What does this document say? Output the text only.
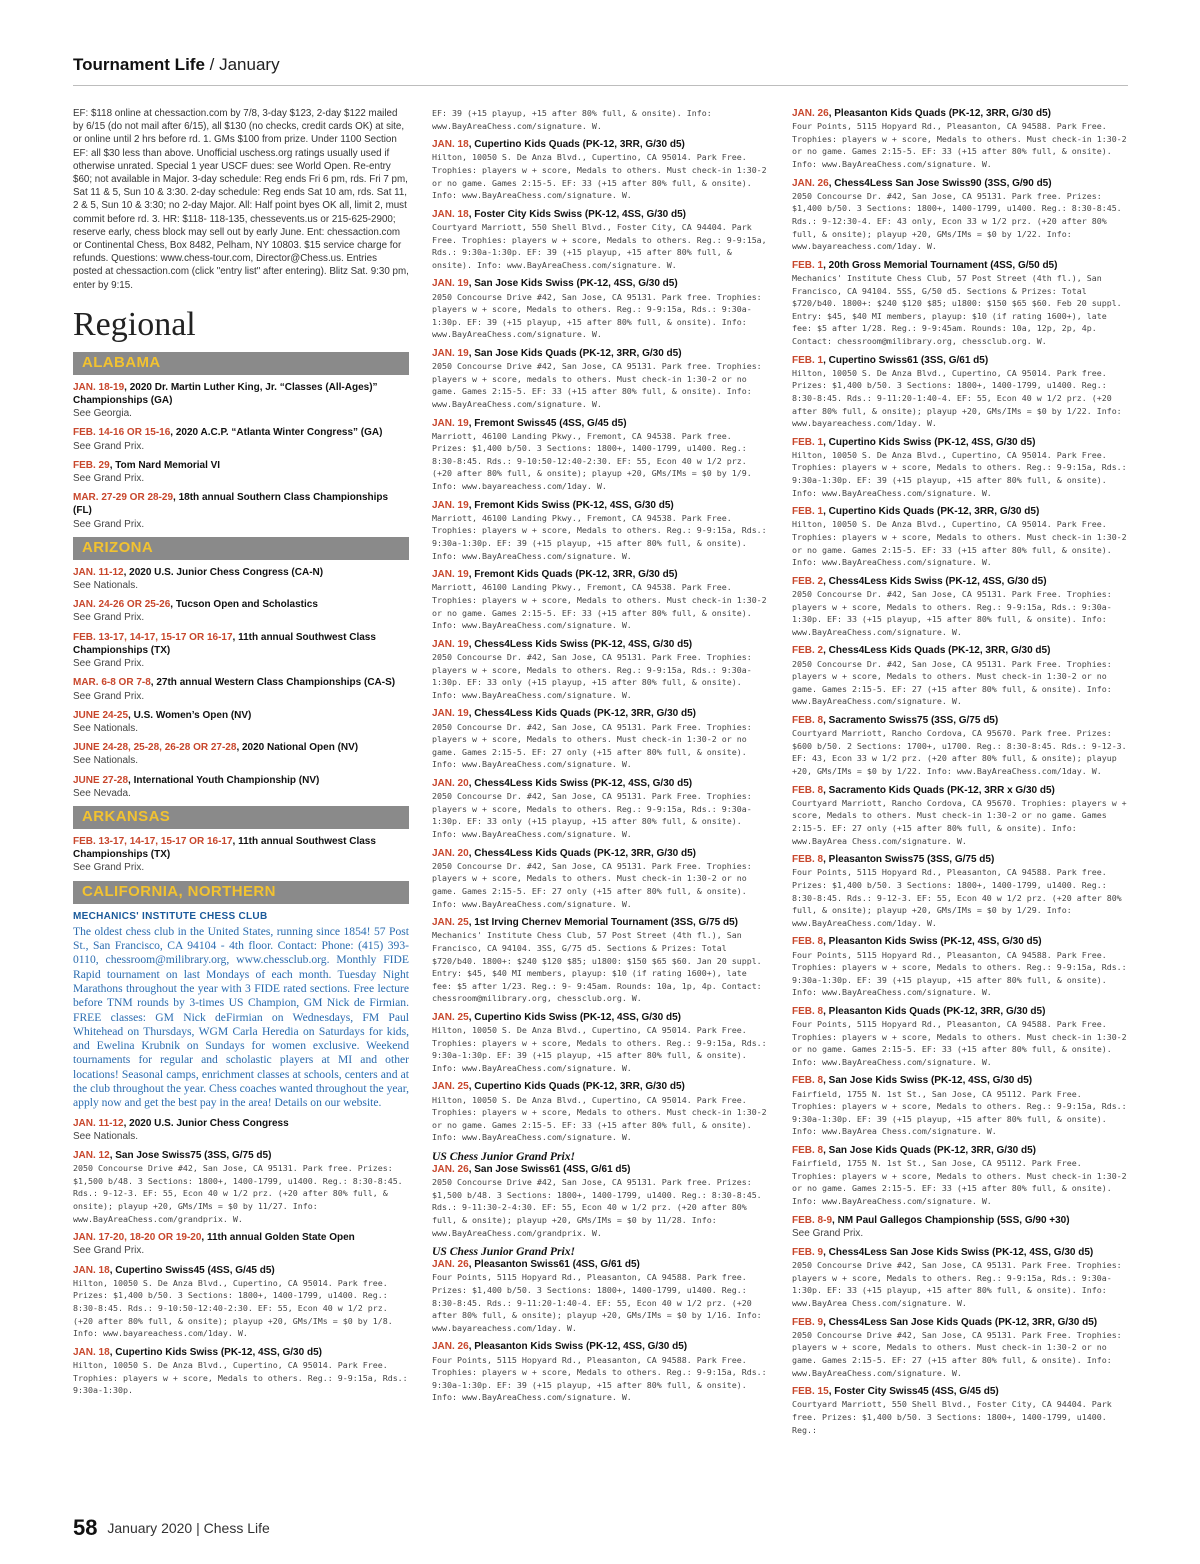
Tournament Life / January
EF: $118 online at chessaction.com by 7/8, 3-day $123, 2-day $122 mailed by 6/15 (do not mail after 6/15), all $130 (no checks, credit cards OK) at site, or online until 2 hrs before rd. 1. GMs $100 from prize. Under 1100 Section EF: all $30 less than above. Unofficial uschess.org ratings usually used if otherwise unrated. Special 1 year USCF dues: see World Open. Re-entry $60; not available in Major. 3-day schedule: Reg ends Fri 6 pm, rds. Fri 7 pm, Sat 11 & 5, Sun 10 & 3:30. 2-day schedule: Reg ends Sat 10 am, rds. Sat 11, 2 & 5, Sun 10 & 3:30; no 2-day Major. All: Half point byes OK all, limit 2, must commit before rd. 3. HR: $118- 118-135, chessevents.us or 215-625-2900; reserve early, chess block may sell out by early June. Ent: chessaction.com or Continental Chess, Box 8482, Pelham, NY 10803. $15 service charge for refunds. Questions: www.chess-tour.com, Director@Chess.us. Entries posted at chessaction.com (click "entry list" after entering). Blitz Sat. 9:30 pm, enter by 9:15.
Regional
ALABAMA
JAN. 18-19, 2020 Dr. Martin Luther King, Jr. “Classes (All-Ages)” Championships (GA)
See Georgia.
FEB. 14-16 OR 15-16, 2020 A.C.P. “Atlanta Winter Congress” (GA)
See Grand Prix.
FEB. 29, Tom Nard Memorial VI
See Grand Prix.
MAR. 27-29 OR 28-29, 18th annual Southern Class Championships (FL)
See Grand Prix.
ARIZONA
JAN. 11-12, 2020 U.S. Junior Chess Congress (CA-N)
See Nationals.
JAN. 24-26 OR 25-26, Tucson Open and Scholastics
See Grand Prix.
FEB. 13-17, 14-17, 15-17 OR 16-17, 11th annual Southwest Class Championships (TX)
See Grand Prix.
MAR. 6-8 OR 7-8, 27th annual Western Class Championships (CA-S)
See Grand Prix.
JUNE 24-25, U.S. Women’s Open (NV)
See Nationals.
JUNE 24-28, 25-28, 26-28 OR 27-28, 2020 National Open (NV)
See Nationals.
JUNE 27-28, International Youth Championship (NV)
See Nevada.
ARKANSAS
FEB. 13-17, 14-17, 15-17 OR 16-17, 11th annual Southwest Class Championships (TX)
See Grand Prix.
CALIFORNIA, NORTHERN
MECHANICS' INSTITUTE CHESS CLUB
The oldest chess club in the United States, running since 1854! 57 Post St., San Francisco, CA 94104 - 4th floor. Contact: Phone: (415) 393-0110, chessroom@milibrary.org, www.chessclub.org. Monthly FIDE Rapid tournament on last Mondays of each month. Tuesday Night Marathons throughout the year with 3 FIDE rated sections. Free lecture before TNM rounds by 3-times US Champion, GM Nick de Firmian. FREE classes: GM Nick deFirmian on Wednesdays, FM Paul Whitehead on Thursdays, WGM Carla Heredia on Saturdays for kids, and Ewelina Krubnik on Sundays for women exclusive. Weekend tournaments for regular and scholastic players at MI and other locations! Seasonal camps, enrichment classes at schools, centers and at the club throughout the year. Chess coaches wanted throughout the year, apply now and get the best pay in the area! Details on our website.
JAN. 11-12, 2020 U.S. Junior Chess Congress
See Nationals.
JAN. 12, San Jose Swiss75 (3SS, G/75 d5)
2050 Concourse Drive #42, San Jose, CA 95131. Park free. Prizes: $1,500 b/48. 3 Sections: 1800+, 1400-1799, u1400. Reg.: 8:30-8:45. Rds.: 9-12-3. EF: 55, Econ 40 w 1/2 prz. (+20 after 80% full, & onsite); playup +20, GMs/IMs = $0 by 11/27. Info: www.BayAreaChess.com/grandprix. W.
JAN. 17-20, 18-20 OR 19-20, 11th annual Golden State Open
See Grand Prix.
JAN. 18, Cupertino Swiss45 (4SS, G/45 d5)
Hilton, 10050 S. De Anza Blvd., Cupertino, CA 95014. Park free. Prizes: $1,400 b/50. 3 Sections: 1800+, 1400-1799, u1400. Reg.: 8:30-8:45. Rds.: 9-10:50-12:40-2:30. EF: 55, Econ 40 w 1/2 prz. (+20 after 80% full, & onsite); playup +20, GMs/IMs = $0 by 1/8. Info: www.bayareachess.com/1day. W.
JAN. 18, Cupertino Kids Swiss (PK-12, 4SS, G/30 d5)
Hilton, 10050 S. De Anza Blvd., Cupertino, CA 95014. Park Free. Trophies: players w + score, Medals to others. Reg.: 9-9:15a, Rds.: 9:30a-1:30p.
EF: 39 (+15 playup, +15 after 80% full, & onsite). Info: www.BayAreaChess.com/signature. W.
JAN. 18, Cupertino Kids Quads (PK-12, 3RR, G/30 d5)
Hilton, 10050 S. De Anza Blvd., Cupertino, CA 95014. Park Free. Trophies: players w + score, Medals to others. Must check-in 1:30-2 or no game. Games 2:15-5. EF: 33 (+15 after 80% full, & onsite). Info: www.BayAreaChess.com/signature. W.
JAN. 18, Foster City Kids Swiss (PK-12, 4SS, G/30 d5)
Courtyard Marriott, 550 Shell Blvd., Foster City, CA 94404. Park Free. Trophies: players w + score, Medals to others. Reg.: 9-9:15a, Rds.: 9:30a-1:30p. EF: 39 (+15 playup, +15 after 80% full, & onsite). Info: www.BayAreaChess.com/signature. W.
JAN. 19, San Jose Kids Swiss (PK-12, 4SS, G/30 d5)
2050 Concourse Drive #42, San Jose, CA 95131. Park free. Trophies: players w + score, Medals to others. Reg.: 9-9:15a, Rds.: 9:30a-1:30p. EF: 39 (+15 playup, +15 after 80% full, & onsite). Info: www.BayAreaChess.com/signature. W.
JAN. 19, San Jose Kids Quads (PK-12, 3RR, G/30 d5)
2050 Concourse Drive #42, San Jose, CA 95131. Park free. Trophies: players w + score, medals to others. Must check-in 1:30-2 or no game. Games 2:15-5. EF: 33 (+15 after 80% full, & onsite). Info: www.BayAreaChess.com/signature. W.
JAN. 19, Fremont Swiss45 (4SS, G/45 d5)
Marriott, 46100 Landing Pkwy., Fremont, CA 94538. Park free. Prizes: $1,400 b/50. 3 Sections: 1800+, 1400-1799, u1400. Reg.: 8:30-8:45. Rds.: 9-10:50-12:40-2:30. EF: 55, Econ 40 w 1/2 prz. (+20 after 80% full, & onsite); playup +20, GMs/IMs = $0 by 1/9. Info: www.bayareachess.com/1day. W.
JAN. 19, Fremont Kids Swiss (PK-12, 4SS, G/30 d5)
Marriott, 46100 Landing Pkwy., Fremont, CA 94538. Park Free. Trophies: players w + score, Medals to others. Reg.: 9-9:15a, Rds.: 9:30a-1:30p. EF: 39 (+15 playup, +15 after 80% full, & onsite). Info: www.BayAreaChess.com/signature. W.
JAN. 19, Fremont Kids Quads (PK-12, 3RR, G/30 d5)
Marriott, 46100 Landing Pkwy., Fremont, CA 94538. Park Free. Trophies: players w + score, Medals to others. Must check-in 1:30-2 or no game. Games 2:15-5. EF: 33 (+15 after 80% full, & onsite). Info: www.BayAreaChess.com/signature. W.
JAN. 19, Chess4Less Kids Swiss (PK-12, 4SS, G/30 d5)
2050 Concourse Dr. #42, San Jose, CA 95131. Park Free. Trophies: players w + score, Medals to others. Reg.: 9-9:15a, Rds.: 9:30a-1:30p. EF: 33 only (+15 playup, +15 after 80% full, & onsite). Info: www.BayAreaChess.com/signature. W.
JAN. 19, Chess4Less Kids Quads (PK-12, 3RR, G/30 d5)
2050 Concourse Dr. #42, San Jose, CA 95131. Park Free. Trophies: players w + score, Medals to others. Must check-in 1:30-2 or no game. Games 2:15-5. EF: 27 only (+15 after 80% full, & onsite). Info: www.BayAreaChess.com/signature. W.
JAN. 20, Chess4Less Kids Swiss (PK-12, 4SS, G/30 d5)
2050 Concourse Dr. #42, San Jose, CA 95131. Park Free. Trophies: players w + score, Medals to others. Reg.: 9-9:15a, Rds.: 9:30a-1:30p. EF: 33 only (+15 playup, +15 after 80% full, & onsite). Info: www.BayAreaChess.com/signature. W.
JAN. 20, Chess4Less Kids Quads (PK-12, 3RR, G/30 d5)
2050 Concourse Dr. #42, San Jose, CA 95131. Park Free. Trophies: players w + score, Medals to others. Must check-in 1:30-2 or no game. Games 2:15-5. EF: 27 only (+15 after 80% full, & onsite). Info: www.BayAreaChess.com/signature. W.
JAN. 25, 1st Irving Chernev Memorial Tournament (3SS, G/75 d5)
Mechanics' Institute Chess Club, 57 Post Street (4th fl.), San Francisco, CA 94104. 3SS, G/75 d5. Sections & Prizes: Total $720/b40. 1800+: $240 $120 $85; u1800: $150 $65 $60. Jan 20 suppl. Entry: $45, $40 MI members, playup: $10 (if rating 1600+), late fee: $5 after 1/23. Reg.: 9- 9:45am. Rounds: 10a, 1p, 4p. Contact: chessroom@milibrary.org, chessclub.org. W.
JAN. 25, Cupertino Kids Swiss (PK-12, 4SS, G/30 d5)
Hilton, 10050 S. De Anza Blvd., Cupertino, CA 95014. Park Free. Trophies: players w + score, Medals to others. Reg.: 9-9:15a, Rds.: 9:30a-1:30p. EF: 39 (+15 playup, +15 after 80% full, & onsite). Info: www.BayAreaChess.com/signature. W.
JAN. 25, Cupertino Kids Quads (PK-12, 3RR, G/30 d5)
Hilton, 10050 S. De Anza Blvd., Cupertino, CA 95014. Park Free. Trophies: players w + score, Medals to others. Must check-in 1:30-2 or no game. Games 2:15-5. EF: 33 (+15 after 80% full, & onsite). Info: www.BayAreaChess.com/signature. W.
US Chess Junior Grand Prix!
JAN. 26, San Jose Swiss61 (4SS, G/61 d5)
2050 Concourse Drive #42, San Jose, CA 95131. Park free. Prizes: $1,500 b/48. 3 Sections: 1800+, 1400-1799, u1400. Reg.: 8:30-8:45. Rds.: 9-11:30-2-4:30. EF: 55, Econ 40 w 1/2 prz. (+20 after 80% full, & onsite); playup +20, GMs/IMs = $0 by 11/28. Info: www.BayAreaChess.com/grandprix. W.
US Chess Junior Grand Prix!
JAN. 26, Pleasanton Swiss61 (4SS, G/61 d5)
Four Points, 5115 Hopyard Rd., Pleasanton, CA 94588. Park free. Prizes: $1,400 b/50. 3 Sections: 1800+, 1400-1799, u1400. Reg.: 8:30-8:45. Rds.: 9-11:20-1:40-4. EF: 55, Econ 40 w 1/2 prz. (+20 after 80% full, & onsite); playup +20, GMs/IMs = $0 by 1/16. Info: www.bayareachess.com/1day. W.
JAN. 26, Pleasanton Kids Swiss (PK-12, 4SS, G/30 d5)
Four Points, 5115 Hopyard Rd., Pleasanton, CA 94588. Park Free. Trophies: players w + score, Medals to others. Reg.: 9-9:15a, Rds.: 9:30a-1:30p. EF: 39 (+15 playup, +15 after 80% full, & onsite). Info: www.BayAreaChess.com/signature. W.
JAN. 26, Pleasanton Kids Quads (PK-12, 3RR, G/30 d5)
Four Points, 5115 Hopyard Rd., Pleasanton, CA 94588. Park Free. Trophies: players w + score, Medals to others. Must check-in 1:30-2 or no game. Games 2:15-5. EF: 33 (+15 after 80% full, & onsite). Info: www.BayAreaChess.com/signature. W.
JAN. 26, Chess4Less San Jose Swiss90 (3SS, G/90 d5)
2050 Concourse Dr. #42, San Jose, CA 95131. Park free. Prizes: $1,400 b/50. 3 Sections: 1800+, 1400-1799, u1400. Reg.: 8:30-8:45. Rds.: 9-12:30-4. EF: 43 only, Econ 33 w 1/2 prz. (+20 after 80% full, & onsite); playup +20, GMs/IMs = $0 by 1/22. Info: www.bayareachess.com/1day. W.
FEB. 1, 20th Gross Memorial Tournament (4SS, G/50 d5)
Mechanics' Institute Chess Club, 57 Post Street (4th fl.), San Francisco, CA 94104. 5SS, G/50 d5. Sections & Prizes: Total $720/b40. 1800+: $240 $120 $85; u1800: $150 $65 $60. Feb 20 suppl. Entry: $45, $40 MI members, playup: $10 (if rating 1600+), late fee: $5 after 1/28. Reg.: 9-9:45am. Rounds: 10a, 12p, 2p, 4p. Contact: chessroom@milibrary.org, chessclub.org. W.
FEB. 1, Cupertino Swiss61 (3SS, G/61 d5)
Hilton, 10050 S. De Anza Blvd., Cupertino, CA 95014. Park free. Prizes: $1,400 b/50. 3 Sections: 1800+, 1400-1799, u1400. Reg.: 8:30-8:45. Rds.: 9-11:20-1:40-4. EF: 55, Econ 40 w 1/2 prz. (+20 after 80% full, & onsite); playup +20, GMs/IMs = $0 by 1/22. Info: www.bayareachess.com/1day. W.
FEB. 1, Cupertino Kids Swiss (PK-12, 4SS, G/30 d5)
Hilton, 10050 S. De Anza Blvd., Cupertino, CA 95014. Park Free. Trophies: players w + score, Medals to others. Reg.: 9-9:15a, Rds.: 9:30a-1:30p. EF: 39 (+15 playup, +15 after 80% full, & onsite). Info: www.BayAreaChess.com/signature. W.
FEB. 1, Cupertino Kids Quads (PK-12, 3RR, G/30 d5)
Hilton, 10050 S. De Anza Blvd., Cupertino, CA 95014. Park Free. Trophies: players w + score, Medals to others. Must check-in 1:30-2 or no game. Games 2:15-5. EF: 33 (+15 after 80% full, & onsite). Info: www.BayAreaChess.com/signature. W.
FEB. 2, Chess4Less Kids Swiss (PK-12, 4SS, G/30 d5)
2050 Concourse Dr. #42, San Jose, CA 95131. Park Free. Trophies: players w + score, Medals to others. Reg.: 9-9:15a, Rds.: 9:30a-1:30p. EF: 33 (+15 playup, +15 after 80% full, & onsite). Info: www.BayAreaChess.com/signature. W.
FEB. 2, Chess4Less Kids Quads (PK-12, 3RR, G/30 d5)
2050 Concourse Dr. #42, San Jose, CA 95131. Park Free. Trophies: players w + score, Medals to others. Must check-in 1:30-2 or no game. Games 2:15-5. EF: 27 (+15 after 80% full, & onsite). Info: www.BayAreaChess.com/signature. W.
FEB. 8, Sacramento Swiss75 (3SS, G/75 d5)
Courtyard Marriott, Rancho Cordova, CA 95670. Park free. Prizes: $600 b/50. 2 Sections: 1700+, u1700. Reg.: 8:30-8:45. Rds.: 9-12-3. EF: 43, Econ 33 w 1/2 prz. (+20 after 80% full, & onsite); playup +20, GMs/IMs = $0 by 1/22. Info: www.BayAreaChess.com/1day. W.
FEB. 8, Sacramento Kids Quads (PK-12, 3RR x G/30 d5)
Courtyard Marriott, Rancho Cordova, CA 95670. Trophies: players w + score, Medals to others. Must check-in 1:30-2 or no game. Games 2:15-5. EF: 27 only (+15 after 80% full, & onsite). Info: www.BayArea Chess.com/signature. W.
FEB. 8, Pleasanton Swiss75 (3SS, G/75 d5)
Four Points, 5115 Hopyard Rd., Pleasanton, CA 94588. Park free. Prizes: $1,400 b/50. 3 Sections: 1800+, 1400-1799, u1400. Reg.: 8:30-8:45. Rds.: 9-12-3. EF: 55, Econ 40 w 1/2 prz. (+20 after 80% full, & onsite); playup +20, GMs/IMs = $0 by 1/29. Info: www.BayAreaChess.com/1day. W.
FEB. 8, Pleasanton Kids Swiss (PK-12, 4SS, G/30 d5)
Four Points, 5115 Hopyard Rd., Pleasanton, CA 94588. Park Free. Trophies: players w + score, Medals to others. Reg.: 9-9:15a, Rds.: 9:30a-1:30p. EF: 39 (+15 playup, +15 after 80% full, & onsite). Info: www.BayAreaChess.com/signature. W.
FEB. 8, Pleasanton Kids Quads (PK-12, 3RR, G/30 d5)
Four Points, 5115 Hopyard Rd., Pleasanton, CA 94588. Park Free. Trophies: players w + score, Medals to others. Must check-in 1:30-2 or no game. Games 2:15-5. EF: 33 (+15 after 80% full, & onsite). Info: www.BayAreaChess.com/signature. W.
FEB. 8, San Jose Kids Swiss (PK-12, 4SS, G/30 d5)
Fairfield, 1755 N. 1st St., San Jose, CA 95112. Park Free. Trophies: players w + score, Medals to others. Reg.: 9-9:15a, Rds.: 9:30a-1:30p. EF: 39 (+15 playup, +15 after 80% full, & onsite). Info: www.BayArea Chess.com/signature. W.
FEB. 8, San Jose Kids Quads (PK-12, 3RR, G/30 d5)
Fairfield, 1755 N. 1st St., San Jose, CA 95112. Park Free. Trophies: players w + score, Medals to others. Must check-in 1:30-2 or no game. Games 2:15-5. EF: 33 (+15 after 80% full, & onsite). Info: www.BayAreaChess.com/signature. W.
FEB. 8-9, NM Paul Gallegos Championship (5SS, G/90 +30)
See Grand Prix.
FEB. 9, Chess4Less San Jose Kids Swiss (PK-12, 4SS, G/30 d5)
2050 Concourse Drive #42, San Jose, CA 95131. Park Free. Trophies: players w + score, Medals to others. Reg.: 9-9:15a, Rds.: 9:30a-1:30p. EF: 33 (+15 playup, +15 after 80% full, & onsite). Info: www.BayArea Chess.com/signature. W.
FEB. 9, Chess4Less San Jose Kids Quads (PK-12, 3RR, G/30 d5)
2050 Concourse Drive #42, San Jose, CA 95131. Park Free. Trophies: players w + score, Medals to others. Must check-in 1:30-2 or no game. Games 2:15-5. EF: 27 (+15 after 80% full, & onsite). Info: www.BayAreaChess.com/signature. W.
FEB. 15, Foster City Swiss45 (4SS, G/45 d5)
Courtyard Marriott, 550 Shell Blvd., Foster City, CA 94404. Park free. Prizes: $1,400 b/50. 3 Sections: 1800+, 1400-1799, u1400. Reg.:
58 January 2020 | Chess Life
